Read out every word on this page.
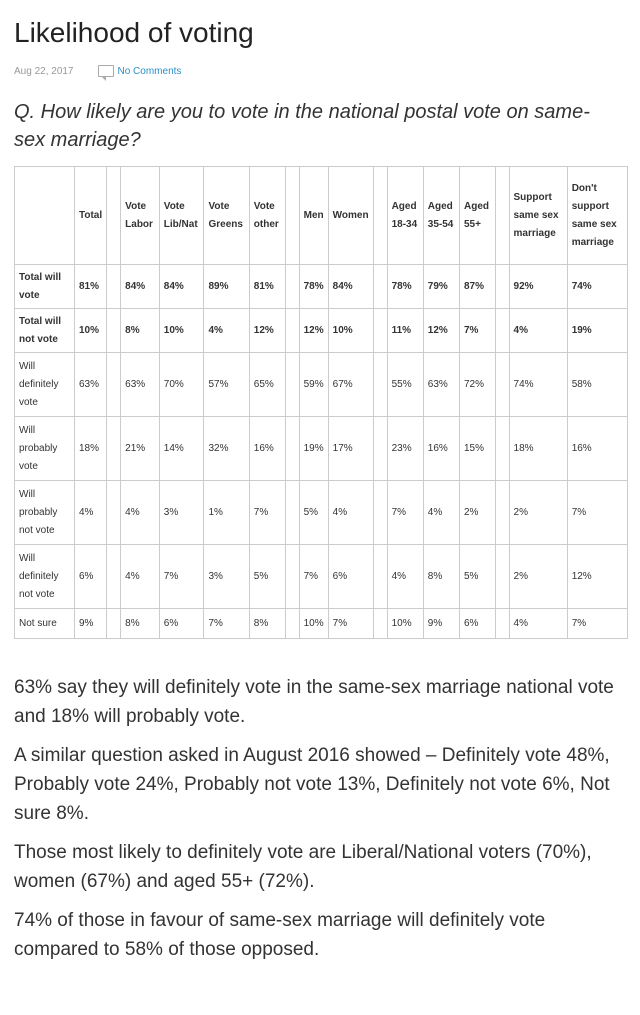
Likelihood of voting
Aug 22, 2017	No Comments
Q. How likely are you to vote in the national postal vote on same-sex marriage?
	Total		Vote Labor	Vote Lib/Nat	Vote Greens	Vote other		Men	Women		Aged 18-34	Aged 35-54	Aged 55+		Support same sex marriage	Don't support same sex marriage
Total will vote	81%		84%	84%	89%	81%		78%	84%		78%	79%	87%		92%	74%
Total will not vote	10%		8%	10%	4%	12%		12%	10%		11%	12%	7%		4%	19%
Will definitely vote	63%		63%	70%	57%	65%		59%	67%		55%	63%	72%		74%	58%
Will probably vote	18%		21%	14%	32%	16%		19%	17%		23%	16%	15%		18%	16%
Will probably not vote	4%		4%	3%	1%	7%		5%	4%		7%	4%	2%		2%	7%
Will definitely not vote	6%		4%	7%	3%	5%		7%	6%		4%	8%	5%		2%	12%
Not sure	9%		8%	6%	7%	8%		10%	7%		10%	9%	6%		4%	7%

63% say they will definitely vote in the same-sex marriage national vote and 18% will probably vote.

A similar question asked in August 2016 showed – Definitely vote 48%, Probably vote 24%, Probably not vote 13%, Definitely not vote 6%, Not sure 8%.

Those most likely to definitely vote are Liberal/National voters (70%), women (67%) and aged 55+ (72%).

74% of those in favour of same-sex marriage will definitely vote compared to 58% of those opposed.
